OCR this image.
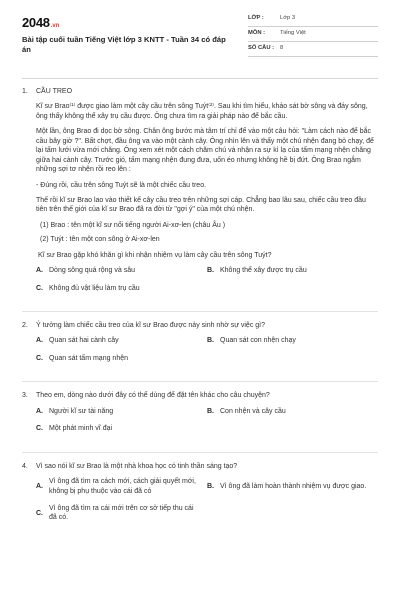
2048 .vn
Bài tập cuối tuần Tiếng Việt lớp 3 KNTT - Tuần 34 có đáp án
LỚP :	Lớp 3
MÔN :	Tiếng Việt
SỐ CÂU :	8
1.	CẦU TREO
Kĩ sư Brao⁽¹⁾ được giao làm một cây cầu trên sông Tuýt⁽²⁾. Sau khi tìm hiểu, khảo sát bờ sông và đáy sông, ông thấy không thể xây trụ cầu được. Ông chưa tìm ra giải pháp nào để bắc cầu.
Một lần, ông Brao đi dọc bờ sông. Chân ông bước mà tâm trí chỉ để vào một câu hỏi: "Làm cách nào để bắc cầu bây giờ ?". Bất chợt, đầu ông va vào một cành cây. Ông nhìn lên và thấy một chú nhện đang bỏ chạy, để lại tấm lưới vừa mới chăng. Ông xem xét một cách chăm chú và nhận ra sự kì lạ của tấm mạng nhện chăng giữa hai cành cây. Trước gió, tấm mạng nhện đung đưa, uốn éo nhưng không hề bị đứt. Ông Brao ngắm những sợi tơ nhện rồi reo lên :
- Đúng rồi, cầu trên sông Tuýt sẽ là một chiếc cầu treo.
Thế rồi kĩ sư Brao lao vào thiết kế cây cầu treo trên những sợi cáp. Chẳng bao lâu sau, chiếc cầu treo đầu tiên trên thế giới của kĩ sư Brao đã ra đời từ "gợi ý" của một chú nhện.
(1) Brao : tên một kĩ sư nổi tiếng người Ai-xơ-len (châu Âu )
(2) Tuýt : tên một con sông ở Ai-xơ-len
Kĩ sư Brao gặp khó khăn gì khi nhận nhiệm vụ làm cây cầu trên sông Tuýt?
A. Dòng sông quá rộng và sâu	B. Không thể xây được trụ cầu
C. Không đủ vật liệu làm trụ cầu
2.	Ý tưởng làm chiếc cầu treo của kĩ sư Brao được nảy sinh nhờ sự việc gì?
A. Quan sát hai cành cây	B. Quan sát con nhện chạy
C. Quan sát tấm mạng nhện
3.	Theo em, dòng nào dưới đây có thể dùng để đặt tên khác cho câu chuyện?
A. Người kĩ sư tài năng	B. Con nhện và cây cầu
C. Một phát minh vĩ đại
4.	Vì sao nói kĩ sư Brao là một nhà khoa học có tinh thần sáng tạo?
A.
Vì ông đã tìm ra cách mới, cách giải quyết mới, không bị phụ thuộc vào cái đã có
B. Vì ông đã làm hoàn thành nhiệm vụ được giao.
C.
Vì ông đã tìm ra cái mới trên cơ sở tiếp thu cái đã có.
